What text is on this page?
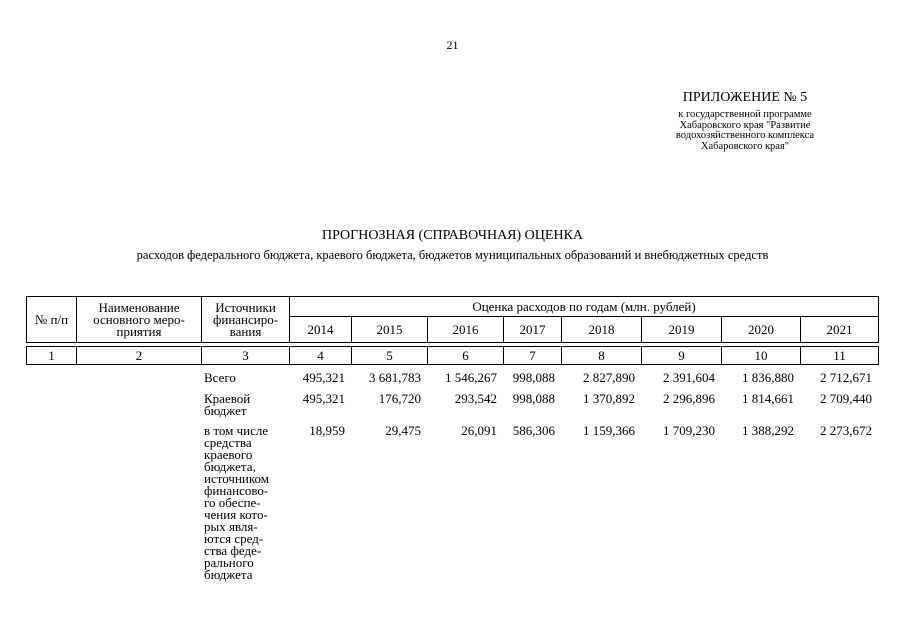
21
ПРИЛОЖЕНИЕ № 5
к государственной программе
Хабаровского края "Развитие
водохозяйственного комплекса
Хабаровского края"
ПРОГНОЗНАЯ (СПРАВОЧНАЯ) ОЦЕНКА
расходов федерального бюджета, краевого бюджета, бюджетов муниципальных образований и внебюджетных средств
№ п/п	Наименование основного меро- приятия	Источники финансиро- вания	Оценка расходов по годам (млн. рублей)							
			2014	2015	2016	2017	2018	2019	2020	2021

1	2	3	4	5	6	7	8	9	10	11
		Всего	495,321	3 681,783	1 546,267	998,088	2 827,890	2 391,604	1 836,880	2 712,671
		Краевой бюджет	495,321	176,720	293,542	998,088	1 370,892	2 296,896	1 814,661	2 709,440
		в том числе средства краевого бюджета, источником финансово- го обеспе- чения кото- рых явля- ются сред- ства феде- рального бюджета	18,959	29,475	26,091	586,306	1 159,366	1 709,230	1 388,292	2 273,672
